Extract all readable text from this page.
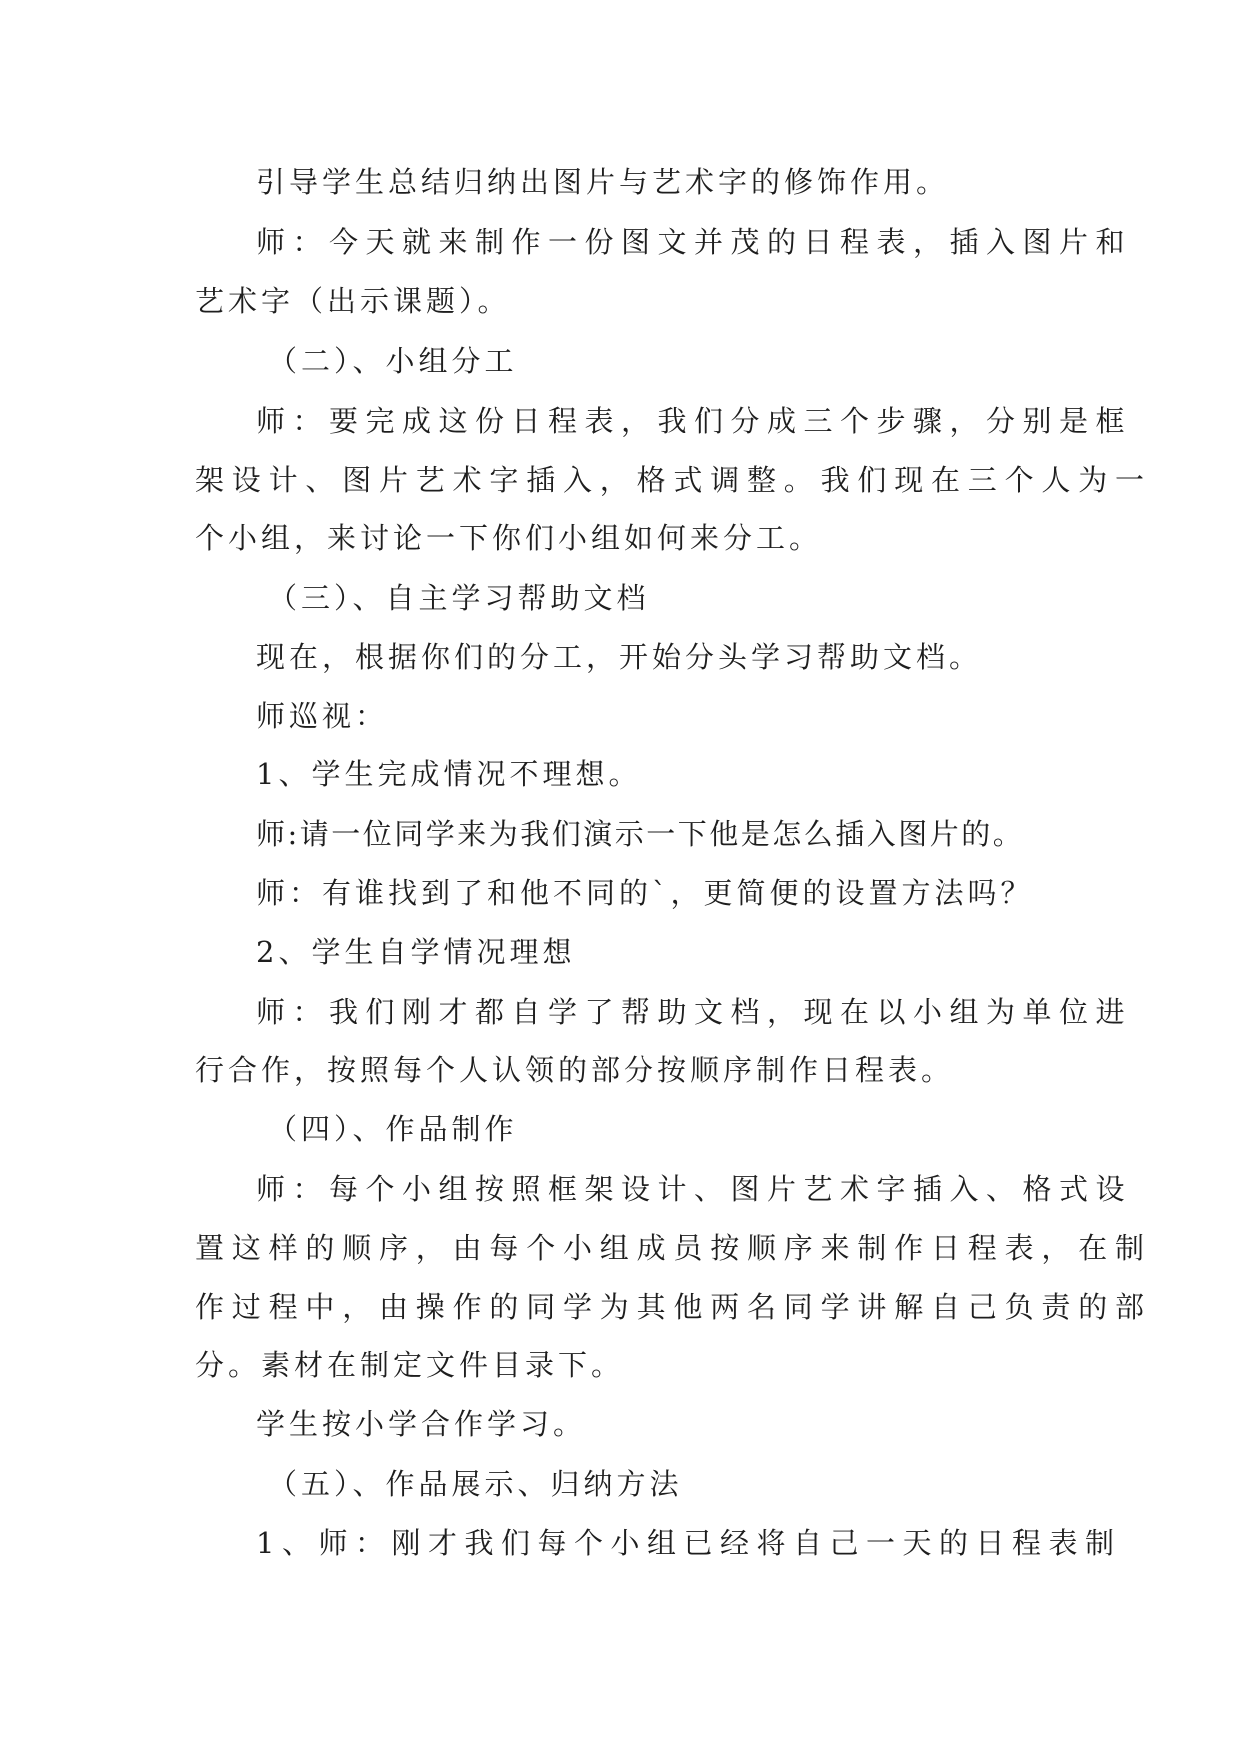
引导学生总结归纳出图片与艺术字的修饰作用。
师：今天就来制作一份图文并茂的日程表，插入图片和
艺术字（出示课题）。
（二）、小组分工
师：要完成这份日程表，我们分成三个步骤，分别是框
架设计、图片艺术字插入，格式调整。我们现在三个人为一
个小组，来讨论一下你们小组如何来分工。
（三）、自主学习帮助文档
现在，根据你们的分工，开始分头学习帮助文档。
师巡视：
1、学生完成情况不理想。
师:请一位同学来为我们演示一下他是怎么插入图片的。
师：有谁找到了和他不同的`，更简便的设置方法吗？
2、学生自学情况理想
师：我们刚才都自学了帮助文档，现在以小组为单位进
行合作，按照每个人认领的部分按顺序制作日程表。
（四）、作品制作
师：每个小组按照框架设计、图片艺术字插入、格式设
置这样的顺序，由每个小组成员按顺序来制作日程表，在制
作过程中，由操作的同学为其他两名同学讲解自己负责的部
分。素材在制定文件目录下。
学生按小学合作学习。
（五）、作品展示、归纳方法
1、师：刚才我们每个小组已经将自己一天的日程表制
